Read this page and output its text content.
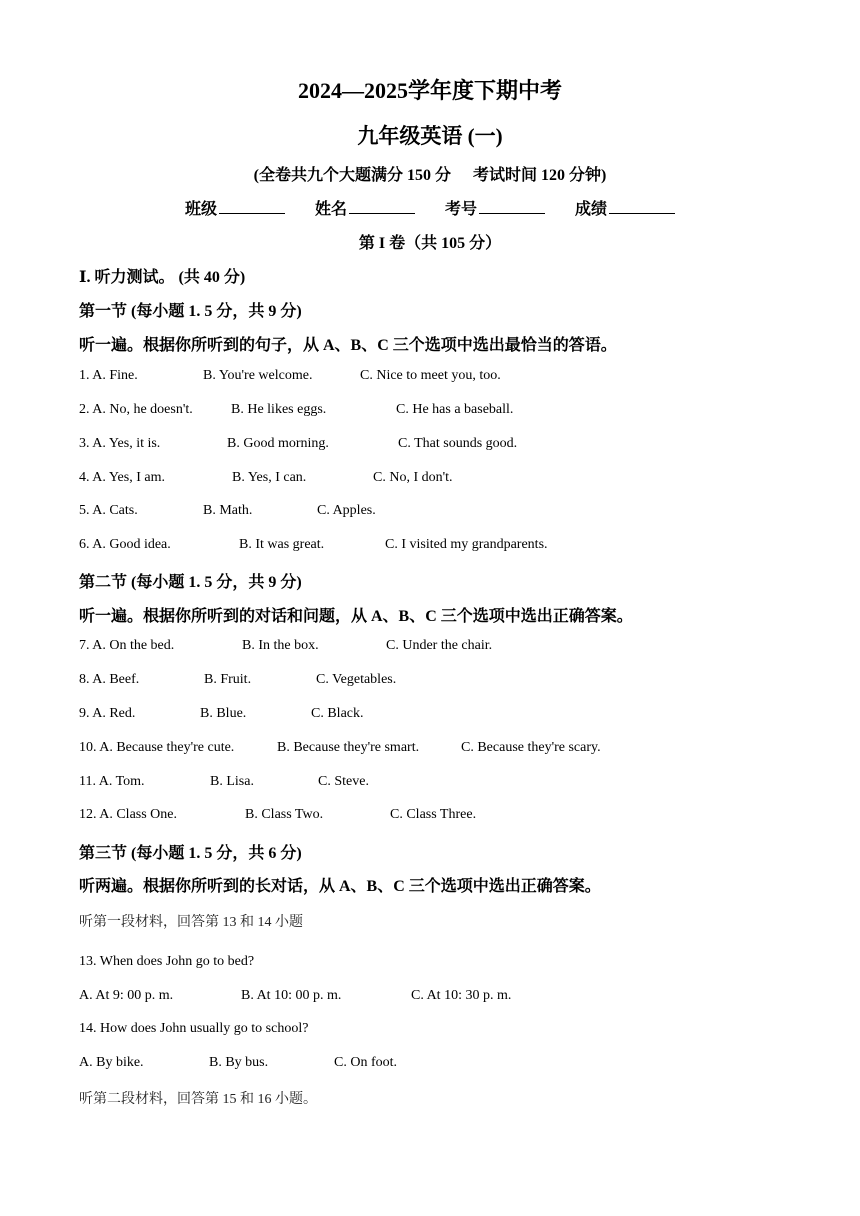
2024—2025学年度下期中考
九年级英语 (一)
(全卷共九个大题满分 150 分 考试时间 120 分钟)
班级	姓名	考号	成绩
第 I 卷（共 105 分）
Ⅰ. 听力测试。 (共 40 分)
第一节 (每小题 1. 5 分，共 9 分)
听一遍。根据你所听到的句子，从 A、B、C 三个选项中选出最恰当的答语。
1. A. Fine.	B. You're welcome.	C. Nice to meet you, too.
2. A. No, he doesn't.	B. He likes eggs.	C. He has a baseball.
3. A. Yes, it is.	B. Good morning.	C. That sounds good.
4. A. Yes, I am.	B. Yes, I can.	C. No, I don't.
5. A. Cats.	B. Math.	C. Apples.
6. A. Good idea.	B. It was great.	C. I visited my grandparents.
第二节 (每小题 1. 5 分，共 9 分)
听一遍。根据你所听到的对话和问题，从 A、B、C 三个选项中选出正确答案。
7. A. On the bed.	B. In the box.	C. Under the chair.
8. A. Beef.	B. Fruit.	C. Vegetables.
9. A. Red.	B. Blue.	C. Black.
10. A. Because they're cute.	B. Because they're smart.	C. Because they're scary.
11. A. Tom.	B. Lisa.	C. Steve.
12. A. Class One.	B. Class Two.	C. Class Three.
第三节 (每小题 1. 5 分，共 6 分)
听两遍。根据你所听到的长对话，从 A、B、C 三个选项中选出正确答案。
听第一段材料，回答第 13 和 14 小题
13. When does John go to bed?
A. At 9: 00 p. m.	B. At 10: 00 p. m.	C. At 10: 30 p. m.
14. How does John usually go to school?
A. By bike.	B. By bus.	C. On foot.
听第二段材料，回答第 15 和 16 小题。
